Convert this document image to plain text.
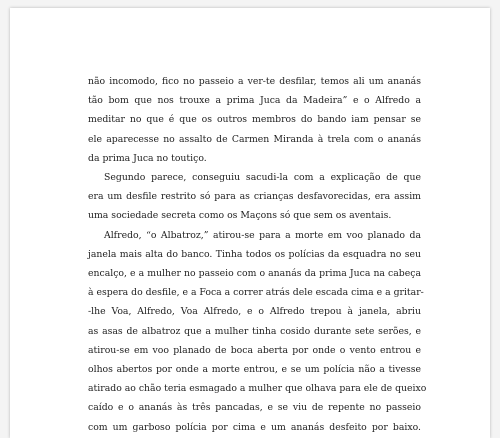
não incomodo, fico no passeio a ver-te desfilar, temos ali um ananás
tão bom que nos trouxe a prima Juca da Madeira” e o Alfredo a
meditar no que é que os outros membros do bando iam pensar se
ele aparecesse no assalto de Carmen Miranda à trela com o ananás
da prima Juca no toutiço.

Segundo parece, conseguiu sacudi-la com a explicação de que
era um desfile restrito só para as crianças desfavorecidas, era assim
uma sociedade secreta como os Maçons só que sem os aventais.

Alfredo, “o Albatroz,” atirou-se para a morte em voo planado da
janela mais alta do banco. Tinha todos os polícias da esquadra no seu
encalço, e a mulher no passeio com o ananás da prima Juca na cabeça
à espera do desfile, e a Foca a correr atrás dele escada cima e a gritar-
-lhe Voa, Alfredo, Voa Alfredo, e o Alfredo trepou à janela, abriu
as asas de albatroz que a mulher tinha cosido durante sete serões, e
atirou-se em voo planado de boca aberta por onde o vento entrou e
olhos abertos por onde a morte entrou, e se um polícia não a tivesse
atirado ao chão teria esmagado a mulher que olhava para ele de queixo
caído e o ananás às três pancadas, e se viu de repente no passeio
com um garboso polícia por cima e um ananás desfeito por baixo.
